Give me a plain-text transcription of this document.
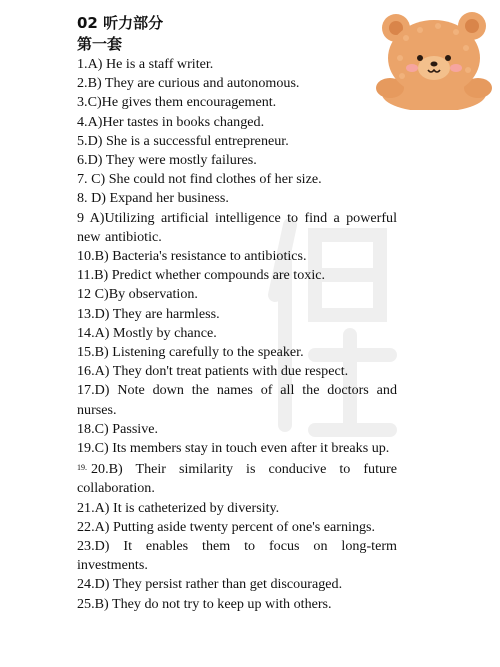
02 听力部分
第一套
1.A) He is a staff writer.
2.B) They are curious and autonomous.
3.C)He gives them encouragement.
4.A)Her tastes in books changed.
5.D) She is a successful entrepreneur.
6.D) They were mostly failures.
7. C) She could not find clothes of her size.
8. D) Expand her business.
9 A)Utilizing artificial intelligence to find a powerful new antibiotic.
10.B) Bacteria's resistance to antibiotics.
11.B) Predict whether compounds are toxic.
12 C)By observation.
13.D) They are harmless.
14.A) Mostly by chance.
15.B) Listening carefully to the speaker.
16.A) They don't treat patients with due respect.
17.D) Note down the names of all the doctors and nurses.
18.C) Passive.
19.C) Its members stay in touch even after it breaks up.
$^{19.}$ 20.B) Their similarity is conducive to future collaboration.
21.A) It is catheterized by diversity.
22.A) Putting aside twenty percent of one's earnings.
23.D) It enables them to focus on long-term investments.
24.D) They persist rather than get discouraged.
25.B) They do not try to keep up with others.
